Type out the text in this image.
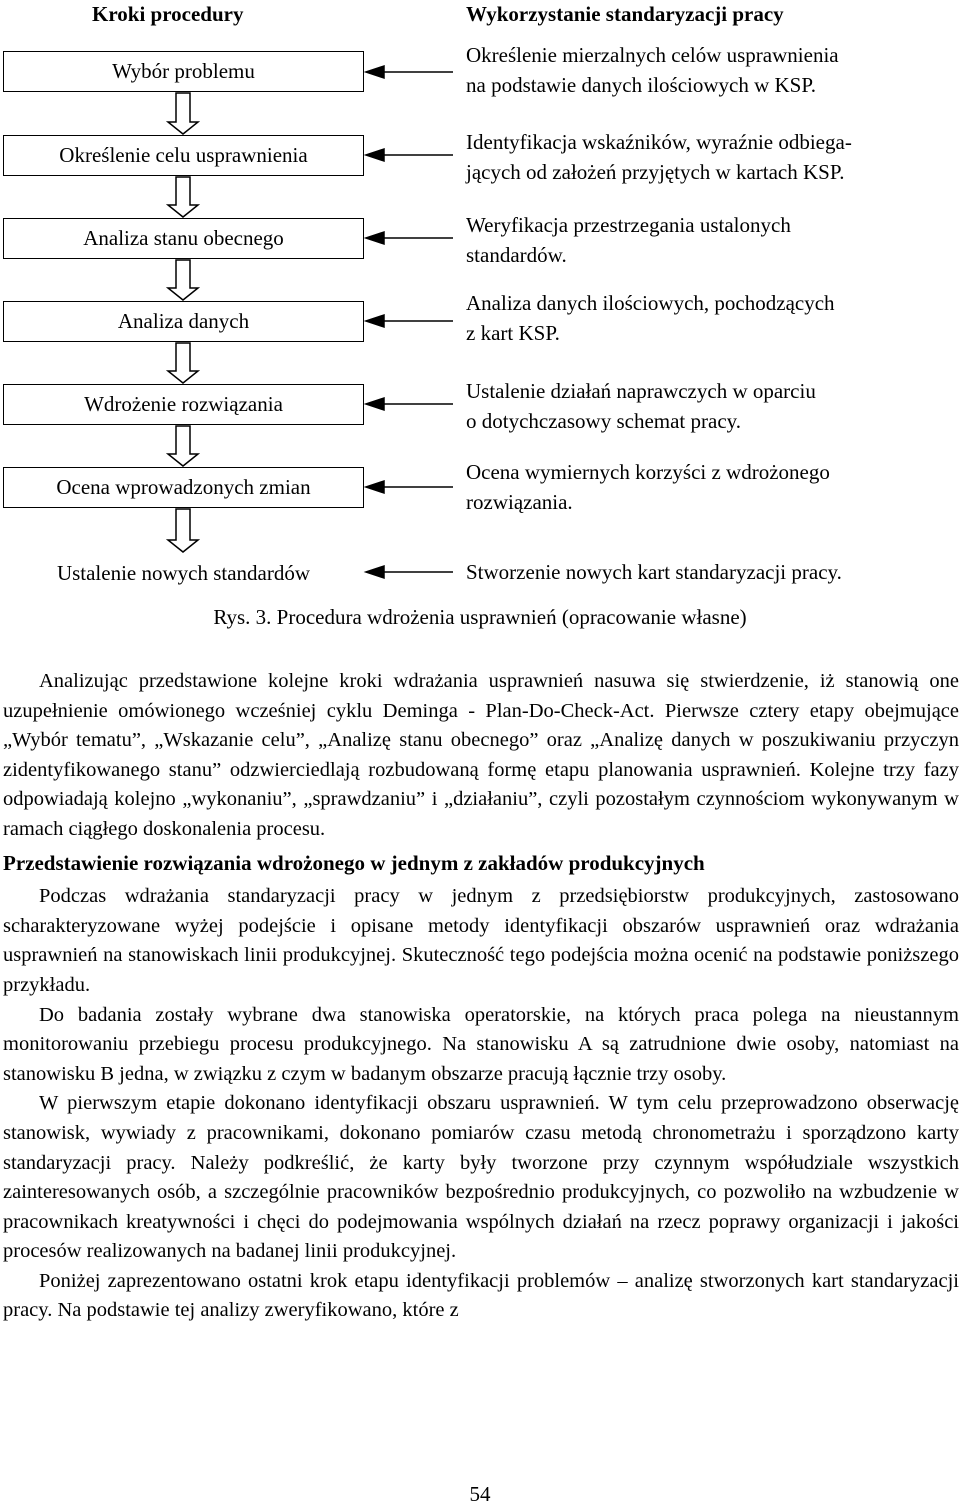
Kroki procedury	Wykorzystanie standaryzacji pracy
Wybór problemu
Określenie celu usprawnienia
Analiza stanu obecnego
Analiza danych
Wdrożenie rozwiązania
Ocena wprowadzonych zmian
Ustalenie nowych standardów
Określenie mierzalnych celów usprawnienia
na podstawie danych ilościowych w KSP.
Identyfikacja wskaźników, wyraźnie odbiega-
jących od założeń przyjętych w kartach KSP.
Weryfikacja przestrzegania ustalonych
standardów.
Analiza danych ilościowych, pochodzących
z kart KSP.
Ustalenie działań naprawczych w oparciu
o dotychczasowy schemat pracy.
Ocena wymiernych korzyści z wdrożonego
rozwiązania.
Stworzenie nowych kart standaryzacji pracy.
Rys. 3. Procedura wdrożenia usprawnień (opracowanie własne)

Analizując przedstawione kolejne kroki wdrażania usprawnień nasuwa się stwierdzenie, iż stanowią one uzupełnienie omówionego wcześniej cyklu Deminga - Plan-Do-Check-Act. Pierwsze cztery etapy obejmujące „Wybór tematu”, „Wskazanie celu”, „Analizę stanu obecnego” oraz „Analizę danych w poszukiwaniu przyczyn zidentyfikowanego stanu” odzwierciedlają rozbudowaną formę etapu planowania usprawnień. Kolejne trzy fazy odpowiadają kolejno „wykonaniu”, „sprawdzaniu” i „działaniu”, czyli pozostałym czynnościom wykonywanym w ramach ciągłego doskonalenia procesu.

Przedstawienie rozwiązania wdrożonego w jednym z zakładów produkcyjnych

Podczas wdrażania standaryzacji pracy w jednym z przedsiębiorstw produkcyjnych, zastosowano scharakteryzowane wyżej podejście i opisane metody identyfikacji obszarów usprawnień oraz wdrażania usprawnień na stanowiskach linii produkcyjnej. Skuteczność tego podejścia można ocenić na podstawie poniższego przykładu.

Do badania zostały wybrane dwa stanowiska operatorskie, na których praca polega na nieustannym monitorowaniu przebiegu procesu produkcyjnego. Na stanowisku A są zatrudnione dwie osoby, natomiast na stanowisku B jedna, w związku z czym w badanym obszarze pracują łącznie trzy osoby.

W pierwszym etapie dokonano identyfikacji obszaru usprawnień. W tym celu przeprowadzono obserwację stanowisk, wywiady z pracownikami, dokonano pomiarów czasu metodą chronometrażu i sporządzono karty standaryzacji pracy. Należy podkreślić, że karty były tworzone przy czynnym współudziale wszystkich zainteresowanych osób, a szczególnie pracowników bezpośrednio produkcyjnych, co pozwoliło na wzbudzenie w pracownikach kreatywności i chęci do podejmowania wspólnych działań na rzecz poprawy organizacji i jakości procesów realizowanych na badanej linii produkcyjnej.

Poniżej zaprezentowano ostatni krok etapu identyfikacji problemów – analizę stworzonych kart standaryzacji pracy. Na podstawie tej analizy zweryfikowano, które z

54
